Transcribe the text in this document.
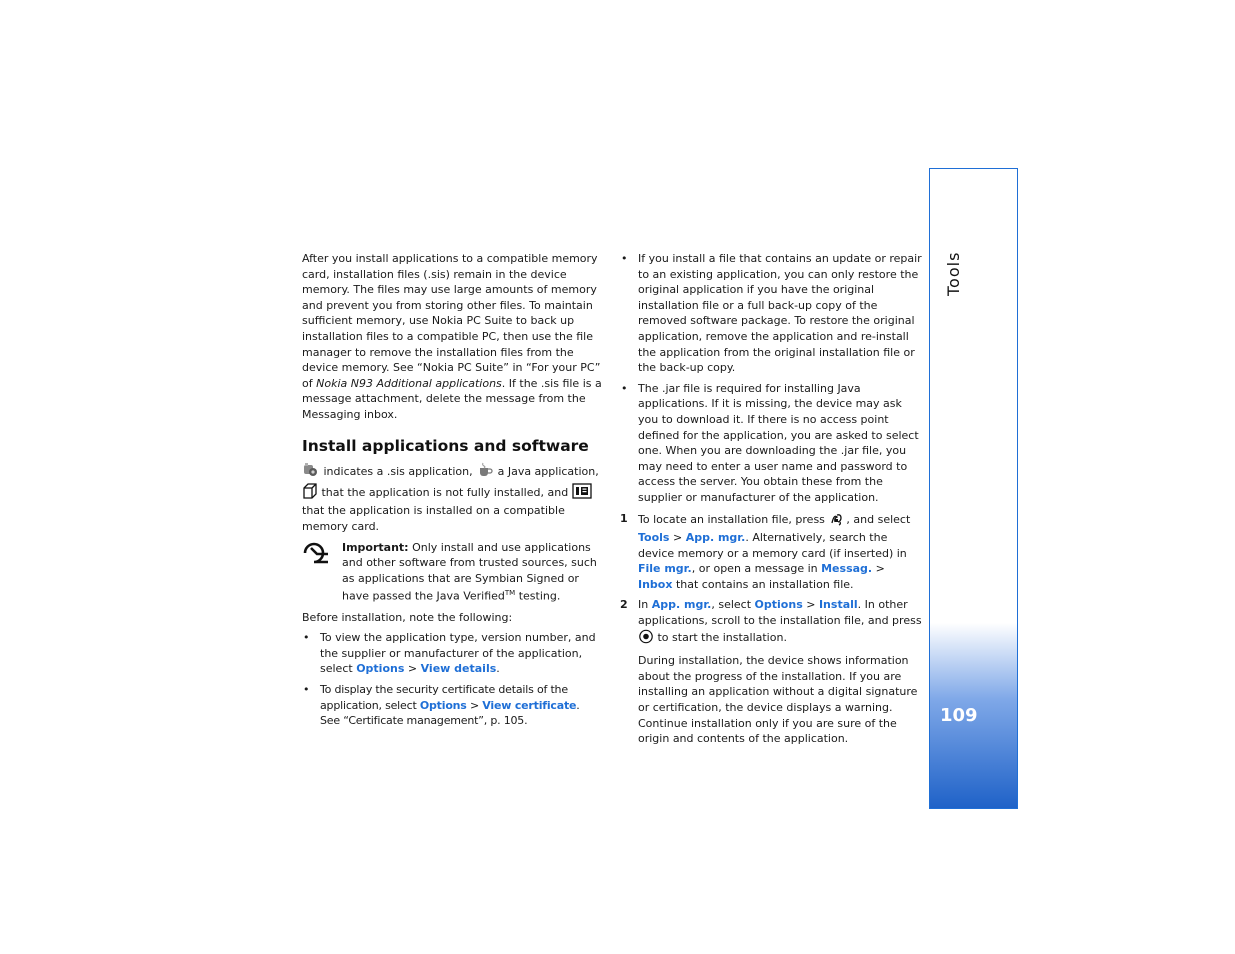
After you install applications to a compatible memory card, installation files (.sis) remain in the device memory. The files may use large amounts of memory and prevent you from storing other files. To maintain sufficient memory, use Nokia PC Suite to back up installation files to a compatible PC, then use the file manager to remove the installation files from the device memory. See “Nokia PC Suite” in “For your PC” of Nokia N93 Additional applications. If the .sis file is a message attachment, delete the message from the Messaging inbox.

Install applications and software

indicates a .sis application,  a Java application,  that the application is not fully installed, and  that the application is installed on a compatible memory card.

Important: Only install and use applications and other software from trusted sources, such as applications that are Symbian Signed or have passed the Java Verified™ testing.

Before installation, note the following:

• To view the application type, version number, and the supplier or manufacturer of the application, select Options > View details.
• To display the security certificate details of the application, select Options > View certificate. See “Certificate management”, p. 105.
• If you install a file that contains an update or repair to an existing application, you can only restore the original application if you have the original installation file or a full back-up copy of the removed software package. To restore the original application, remove the application and re-install the application from the original installation file or the back-up copy.
• The .jar file is required for installing Java applications. If it is missing, the device may ask you to download it. If there is no access point defined for the application, you are asked to select one. When you are downloading the .jar file, you may need to enter a user name and password to access the server. You obtain these from the supplier or manufacturer of the application.
1 To locate an installation file, press , and select Tools > App. mgr.. Alternatively, search the device memory or a memory card (if inserted) in File mgr., or open a message in Messag. > Inbox that contains an installation file.
2 In App. mgr., select Options > Install. In other applications, scroll to the installation file, and press  to start the installation.

During installation, the device shows information about the progress of the installation. If you are installing an application without a digital signature or certification, the device displays a warning. Continue installation only if you are sure of the origin and contents of the application.

Tools
109
